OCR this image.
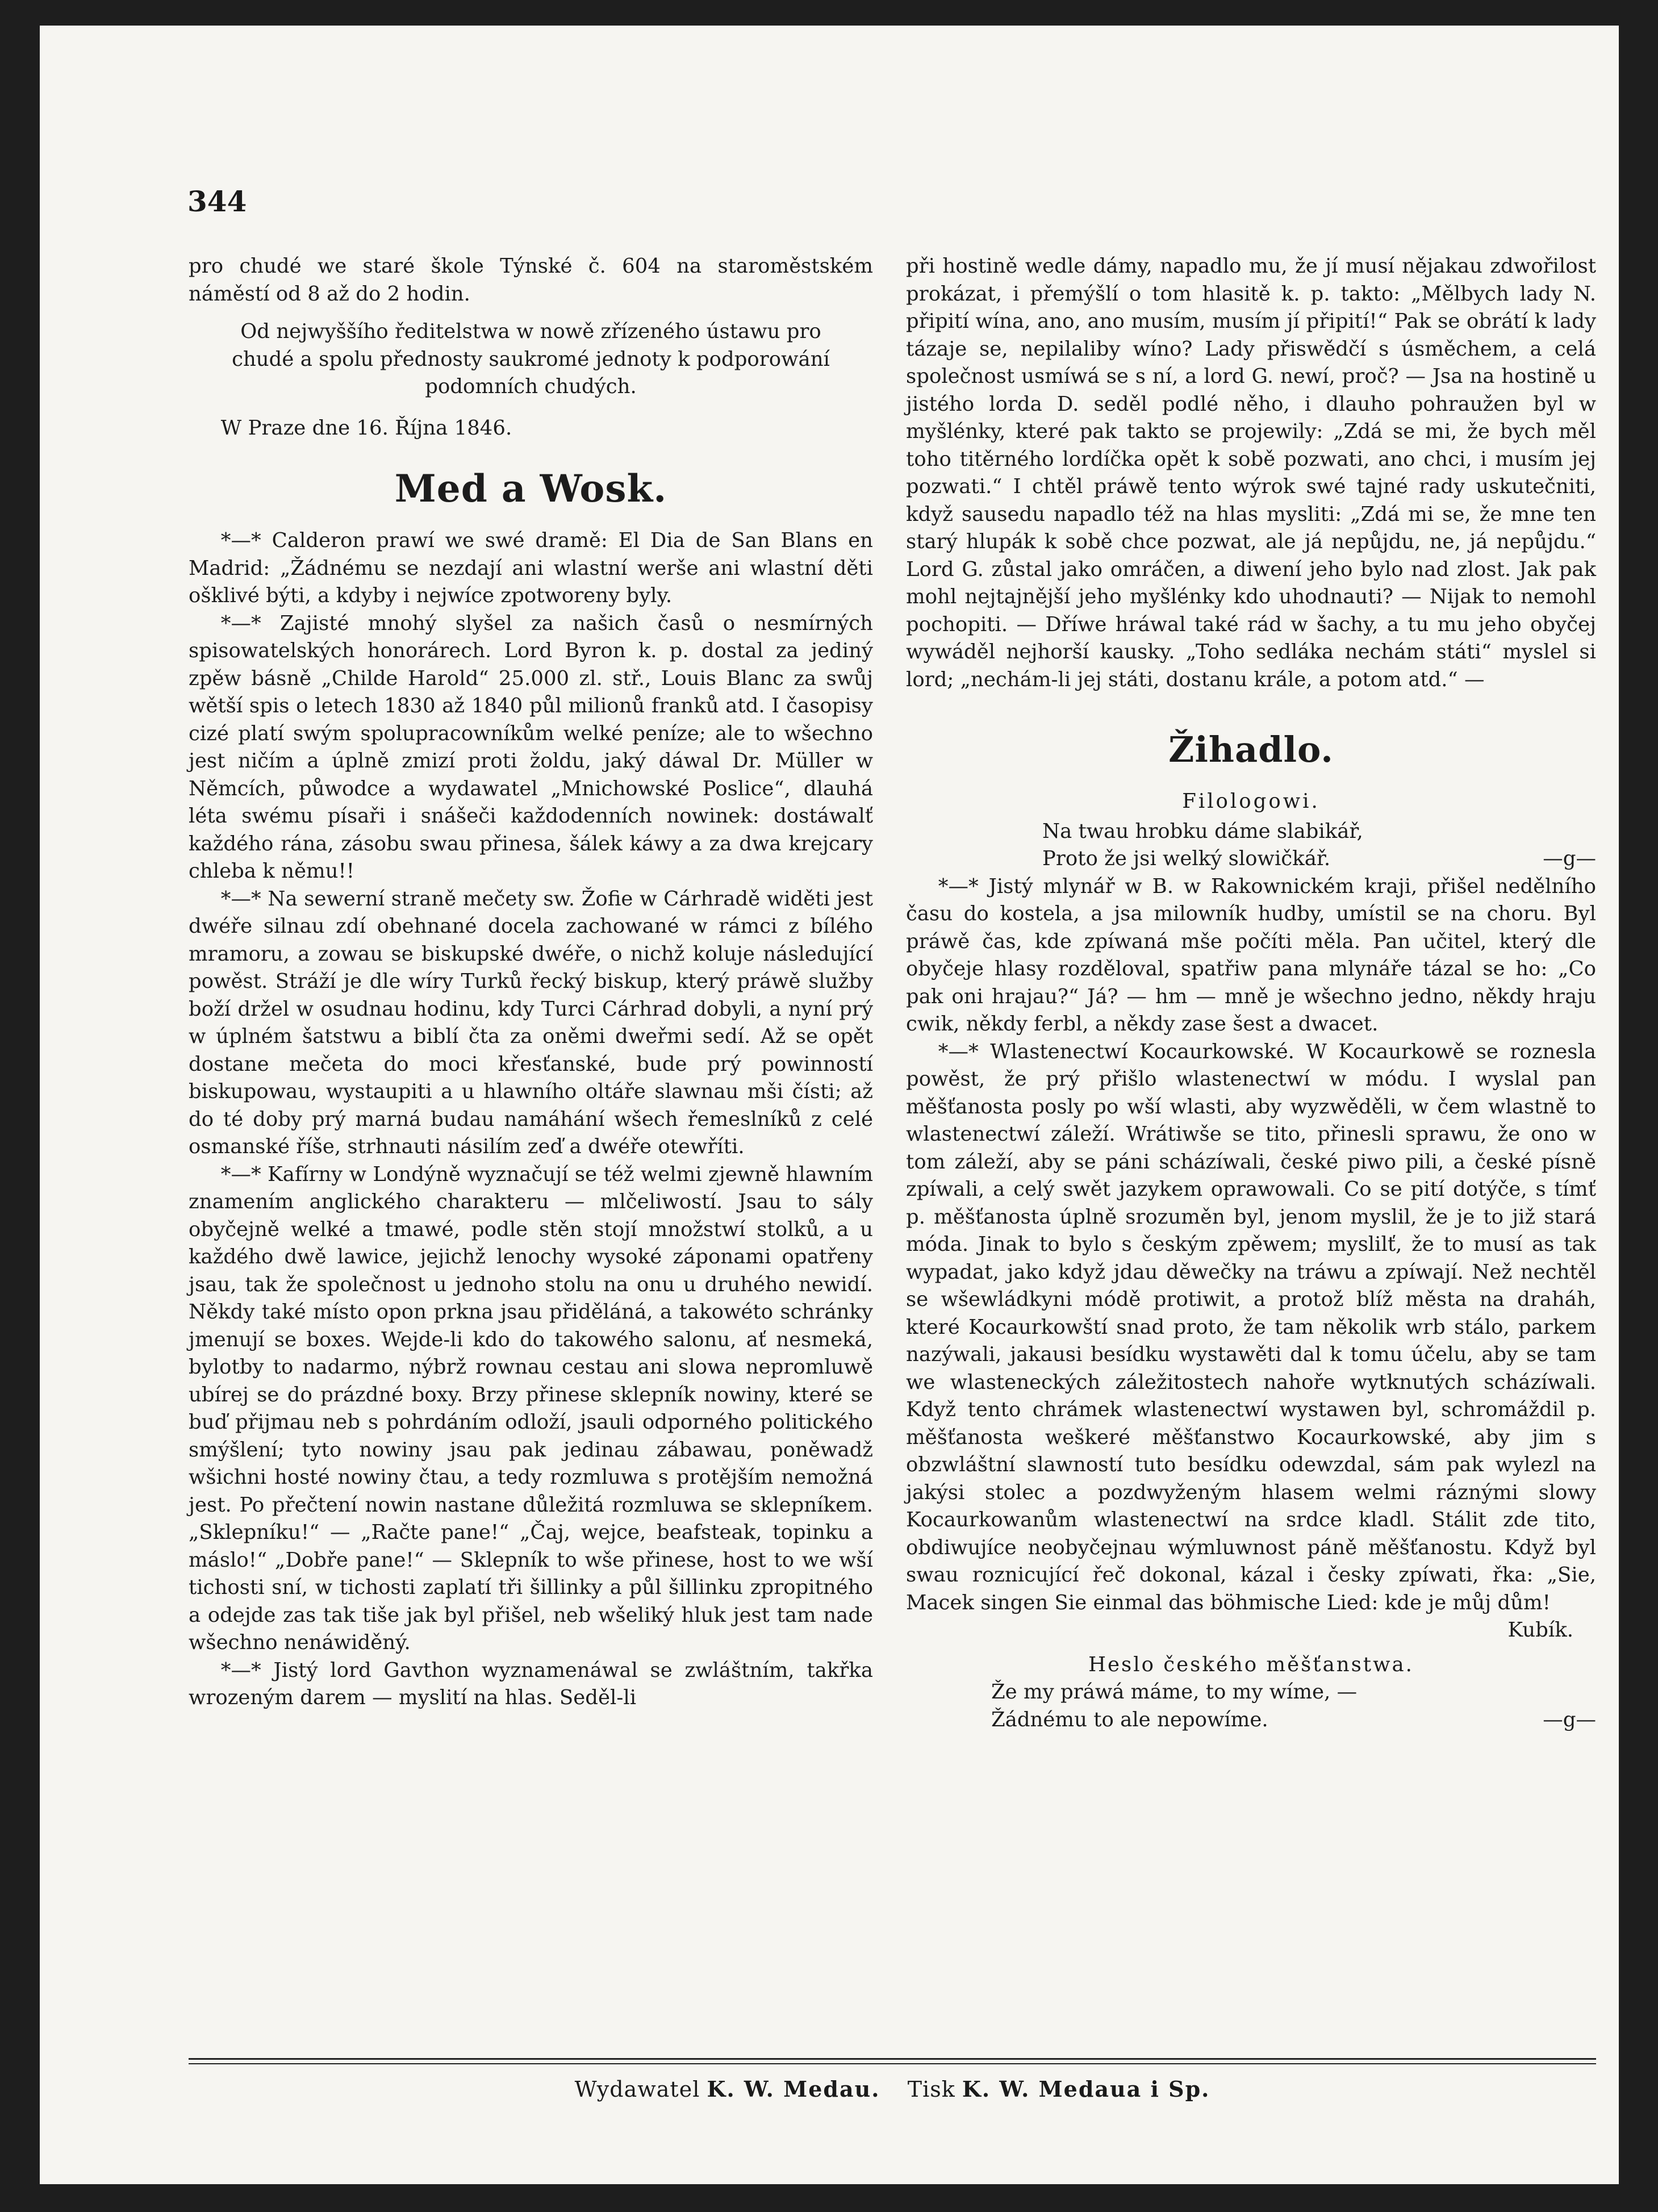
344

pro chudé we staré škole Týnské č. 604 na staroměstském náměstí od 8 až do 2 hodin.

Od nejwyššího ředitelstwa w nowě zřízeného ústawu pro chudé a spolu přednosty saukromé jednoty k podporowání podomních chudých.

W Praze dne 16. Října 1846.

Med a Wosk.

*—* Calderon prawí we swé dramě: El Dia de San Blans en Madrid: „Žádnému se nezdají ani wlastní werše ani wlastní děti ošklivé býti, a kdyby i nejwíce zpotworeny byly.

*—* Zajisté mnohý slyšel za našich časů o nesmírných spisowatelských honorárech. Lord Byron k. p. dostal za jediný zpěw básně „Childe Harold“ 25.000 zl. stř., Louis Blanc za swůj wětší spis o letech 1830 až 1840 půl milionů franků atd. I časopisy cizé platí swým spolupracowníkům welké peníze; ale to wšechno jest ničím a úplně zmizí proti žoldu, jaký dáwal Dr. Müller w Němcích, půwodce a wydawatel „Mnichowské Poslice“, dlauhá léta swému písaři i snášeči každodenních nowinek: dostáwalť každého rána, zásobu swau přinesa, šálek káwy a za dwa krejcary chleba k němu!!

*—* Na sewerní straně mečety sw. Žofie w Cárhradě widěti jest dwéře silnau zdí obehnané docela zachowané w rámci z bílého mramoru, a zowau se biskupské dwéře, o nichž koluje následující powěst. Stráží je dle wíry Turků řecký biskup, který práwě služby boží držel w osudnau hodinu, kdy Turci Cárhrad dobyli, a nyní prý w úplném šatstwu a biblí čta za oněmi dweřmi sedí. Až se opět dostane mečeta do moci křesťanské, bude prý powinností biskupowau, wystaupiti a u hlawního oltáře slawnau mši čísti; až do té doby prý marná budau namáhání wšech řemeslníků z celé osmanské říše, strhnauti násilím zeď a dwéře otewříti.

*—* Kafírny w Londýně wyznačují se též welmi zjewně hlawním znamením anglického charakteru — mlčeliwostí. Jsau to sály obyčejně welké a tmawé, podle stěn stojí množstwí stolků, a u každého dwě lawice, jejichž lenochy wysoké záponami opatřeny jsau, tak že společnost u jednoho stolu na onu u druhého newidí. Někdy také místo opon prkna jsau přiděláná, a takowéto schránky jmenují se boxes. Wejde-li kdo do takowého salonu, ať nesmeká, bylotby to nadarmo, nýbrž rownau cestau ani slowa nepromluwě ubírej se do prázdné boxy. Brzy přinese sklepník nowiny, které se buď přijmau neb s pohrdáním odloží, jsauli odporného politického smýšlení; tyto nowiny jsau pak jedinau zábawau, poněwadž wšichni hosté nowiny čtau, a tedy rozmluwa s protějším nemožná jest. Po přečtení nowin nastane důležitá rozmluwa se sklepníkem. „Sklepníku!“ — „Račte pane!“ „Čaj, wejce, beafsteak, topinku a máslo!“ „Dobře pane!“ — Sklepník to wše přinese, host to we wší tichosti sní, w tichosti zaplatí tři šillinky a půl šillinku zpropitného a odejde zas tak tiše jak byl přišel, neb wšeliký hluk jest tam nade wšechno nenáwiděný.

*—* Jistý lord Gavthon wyznamenáwal se zwláštním, takřka wrozeným darem — myslití na hlas. Seděl-li

při hostině wedle dámy, napadlo mu, že jí musí nějakau zdwořilost prokázat, i přemýšlí o tom hlasitě k. p. takto: „Mělbych lady N. připití wína, ano, ano musím, musím jí připití!“ Pak se obrátí k lady tázaje se, nepilaliby wíno? Lady přiswědčí s úsměchem, a celá společnost usmíwá se s ní, a lord G. newí, proč? — Jsa na hostině u jistého lorda D. seděl podlé něho, i dlauho pohraužen byl w myšlénky, které pak takto se projewily: „Zdá se mi, že bych měl toho titěrného lordíčka opět k sobě pozwati, ano chci, i musím jej pozwati.“ I chtěl práwě tento wýrok swé tajné rady uskutečniti, když sausedu napadlo též na hlas mysliti: „Zdá mi se, že mne ten starý hlupák k sobě chce pozwat, ale já nepůjdu, ne, já nepůjdu.“ Lord G. zůstal jako omráčen, a diwení jeho bylo nad zlost. Jak pak mohl nejtajnější jeho myšlénky kdo uhodnauti? — Nijak to nemohl pochopiti. — Dříwe hráwal také rád w šachy, a tu mu jeho obyčej wywáděl nejhorší kausky. „Toho sedláka nechám státi“ myslel si lord; „nechám-li jej státi, dostanu krále, a potom atd.“ —

Žihadlo.
Filologowi.

Na twau hrobku dáme slabikář,

Proto že jsi welký slowičkář.	—g—

*—* Jistý mlynář w B. w Rakownickém kraji, přišel nedělního času do kostela, a jsa milowník hudby, umístil se na choru. Byl práwě čas, kde zpíwaná mše počíti měla. Pan učitel, který dle obyčeje hlasy rozděloval, spatřiw pana mlynáře tázal se ho: „Co pak oni hrajau?“ Já? — hm — mně je wšechno jedno, někdy hraju cwik, někdy ferbl, a někdy zase šest a dwacet.

*—* Wlastenectwí Kocaurkowské. W Kocaurkowě se roznesla powěst, že prý přišlo wlastenectwí w módu. I wyslal pan měšťanosta posly po wší wlasti, aby wyzwěděli, w čem wlastně to wlastenectwí záleží. Wrátiwše se tito, přinesli sprawu, že ono w tom záleží, aby se páni scházíwali, české piwo pili, a české písně zpíwali, a celý swět jazykem oprawowali. Co se pití dotýče, s tímť p. měšťanosta úplně srozuměn byl, jenom myslil, že je to již stará móda. Jinak to bylo s českým zpěwem; myslilť, že to musí as tak wypadat, jako když jdau děwečky na tráwu a zpíwají. Než nechtěl se wšewládkyni módě protiwit, a protož blíž městа na draháh, které Kocaurkowští snad proto, že tam několik wrb stálo, parkem nazýwali, jakausi besídku wystawěti dal k tomu účelu, aby se tam we wlasteneckých záležitostech nahoře wytknutých scházíwali. Když tento chrámek wlastenectwí wystawen byl, schromáždil p. měšťanosta weškeré měšťanstwo Kocaurkowské, aby jim s obzwláštní slawností tuto besídku odewzdal, sám pak wylezl na jakýsi stolec a pozdwyženým hlasem welmi ráznými slowy Kocaurkowanům wlastenectwí na srdce kladl. Stálit zde tito, obdiwujíce neobyčejnau wýmluwnost páně měšťanostu. Když byl swau roznicující řeč dokonal, kázal i česky zpíwati, řka: „Sie, Macek singen Sie einmal das böhmische Lied: kde je můj dům!

Kubík.

Heslo českého měšťanstwa.

Že my práwá máme, to my wíme, —

Žádnému to ale nepowíme.	—g—
Wydawatel K. W. Medau. Tisk K. W. Medaua i Sp.
